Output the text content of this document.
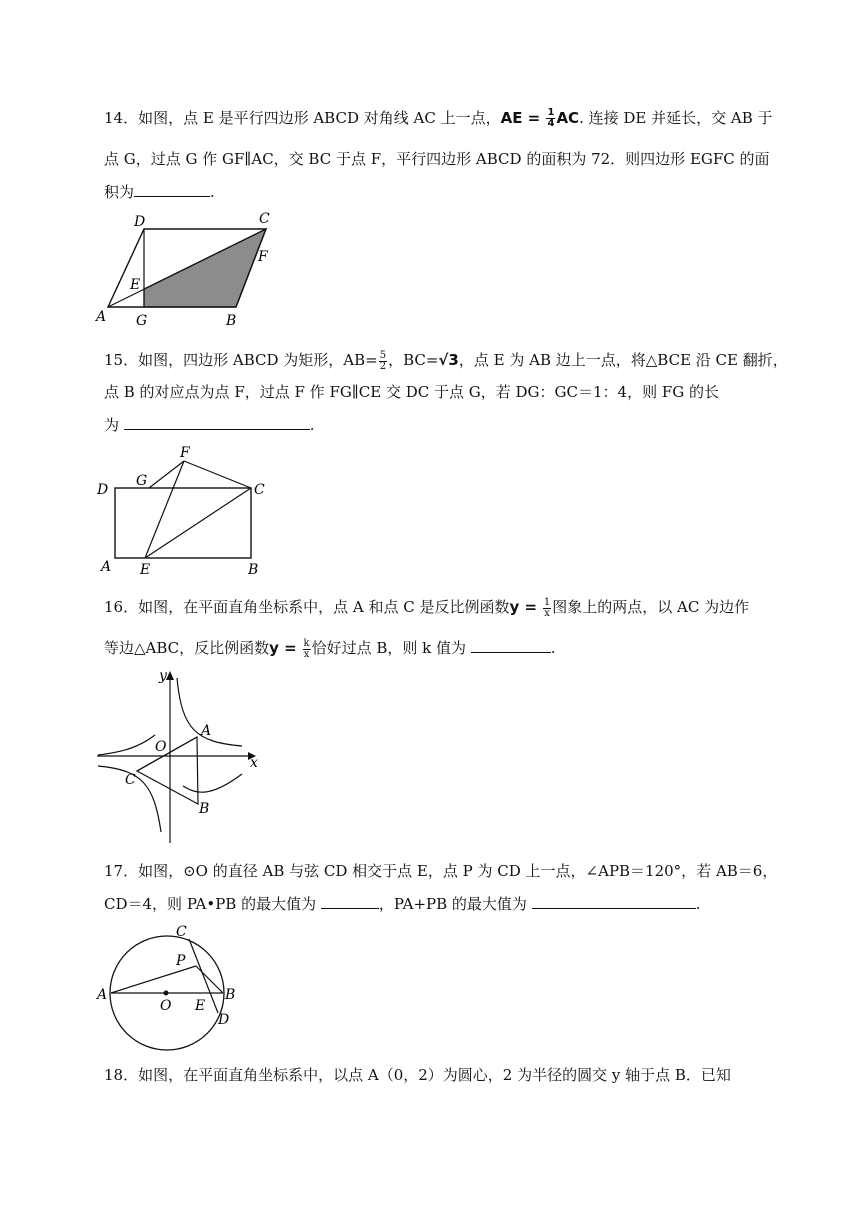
14．如图，点 E 是平行四边形 ABCD 对角线 AC 上一点，AE = $\frac{1}{4}$ AC. 连接 DE 并延长，交 AB 于
点 G，过点 G 作 GF∥AC，交 BC 于点 F，平行四边形 ABCD 的面积为 72．则四边形 EGFC 的面
积为	.
D	C
F
E
A G	B
15．如图，四边形 ABCD 为矩形，$AB= \frac{5}{2}$ ，BC=√3，点 E 为 AB 边上一点，将△BCE 沿 CE 翻折，
点 B 的对应点为点 F，过点 F 作 FG∥CE 交 DC 于点 G，若 DG：GC＝1：4，则 FG 的长
为	.
F
G
D	C
A E	B
16．如图，在平面直角坐标系中，点 A 和点 C 是反比例函数$y = \frac{1}{x}$ 图象上的两点，以 AC 为边作
等边△ABC，反比例函数$y = \frac{k}{x}$ 恰好过点 B，则 k 值为	.
y
x
O
A
C
B
17．如图，⊙O 的直径 AB 与弦 CD 相交于点 E，点 P 为 CD 上一点，∠APB＝120°，若 AB＝6，
CD＝4，则 PA•PB 的最大值为	，PA+PB 的最大值为	.
C
P
A
O E
B
D
18．如图，在平面直角坐标系中，以点 A（0，2）为圆心，2 为半径的圆交 y 轴于点 B．已知
